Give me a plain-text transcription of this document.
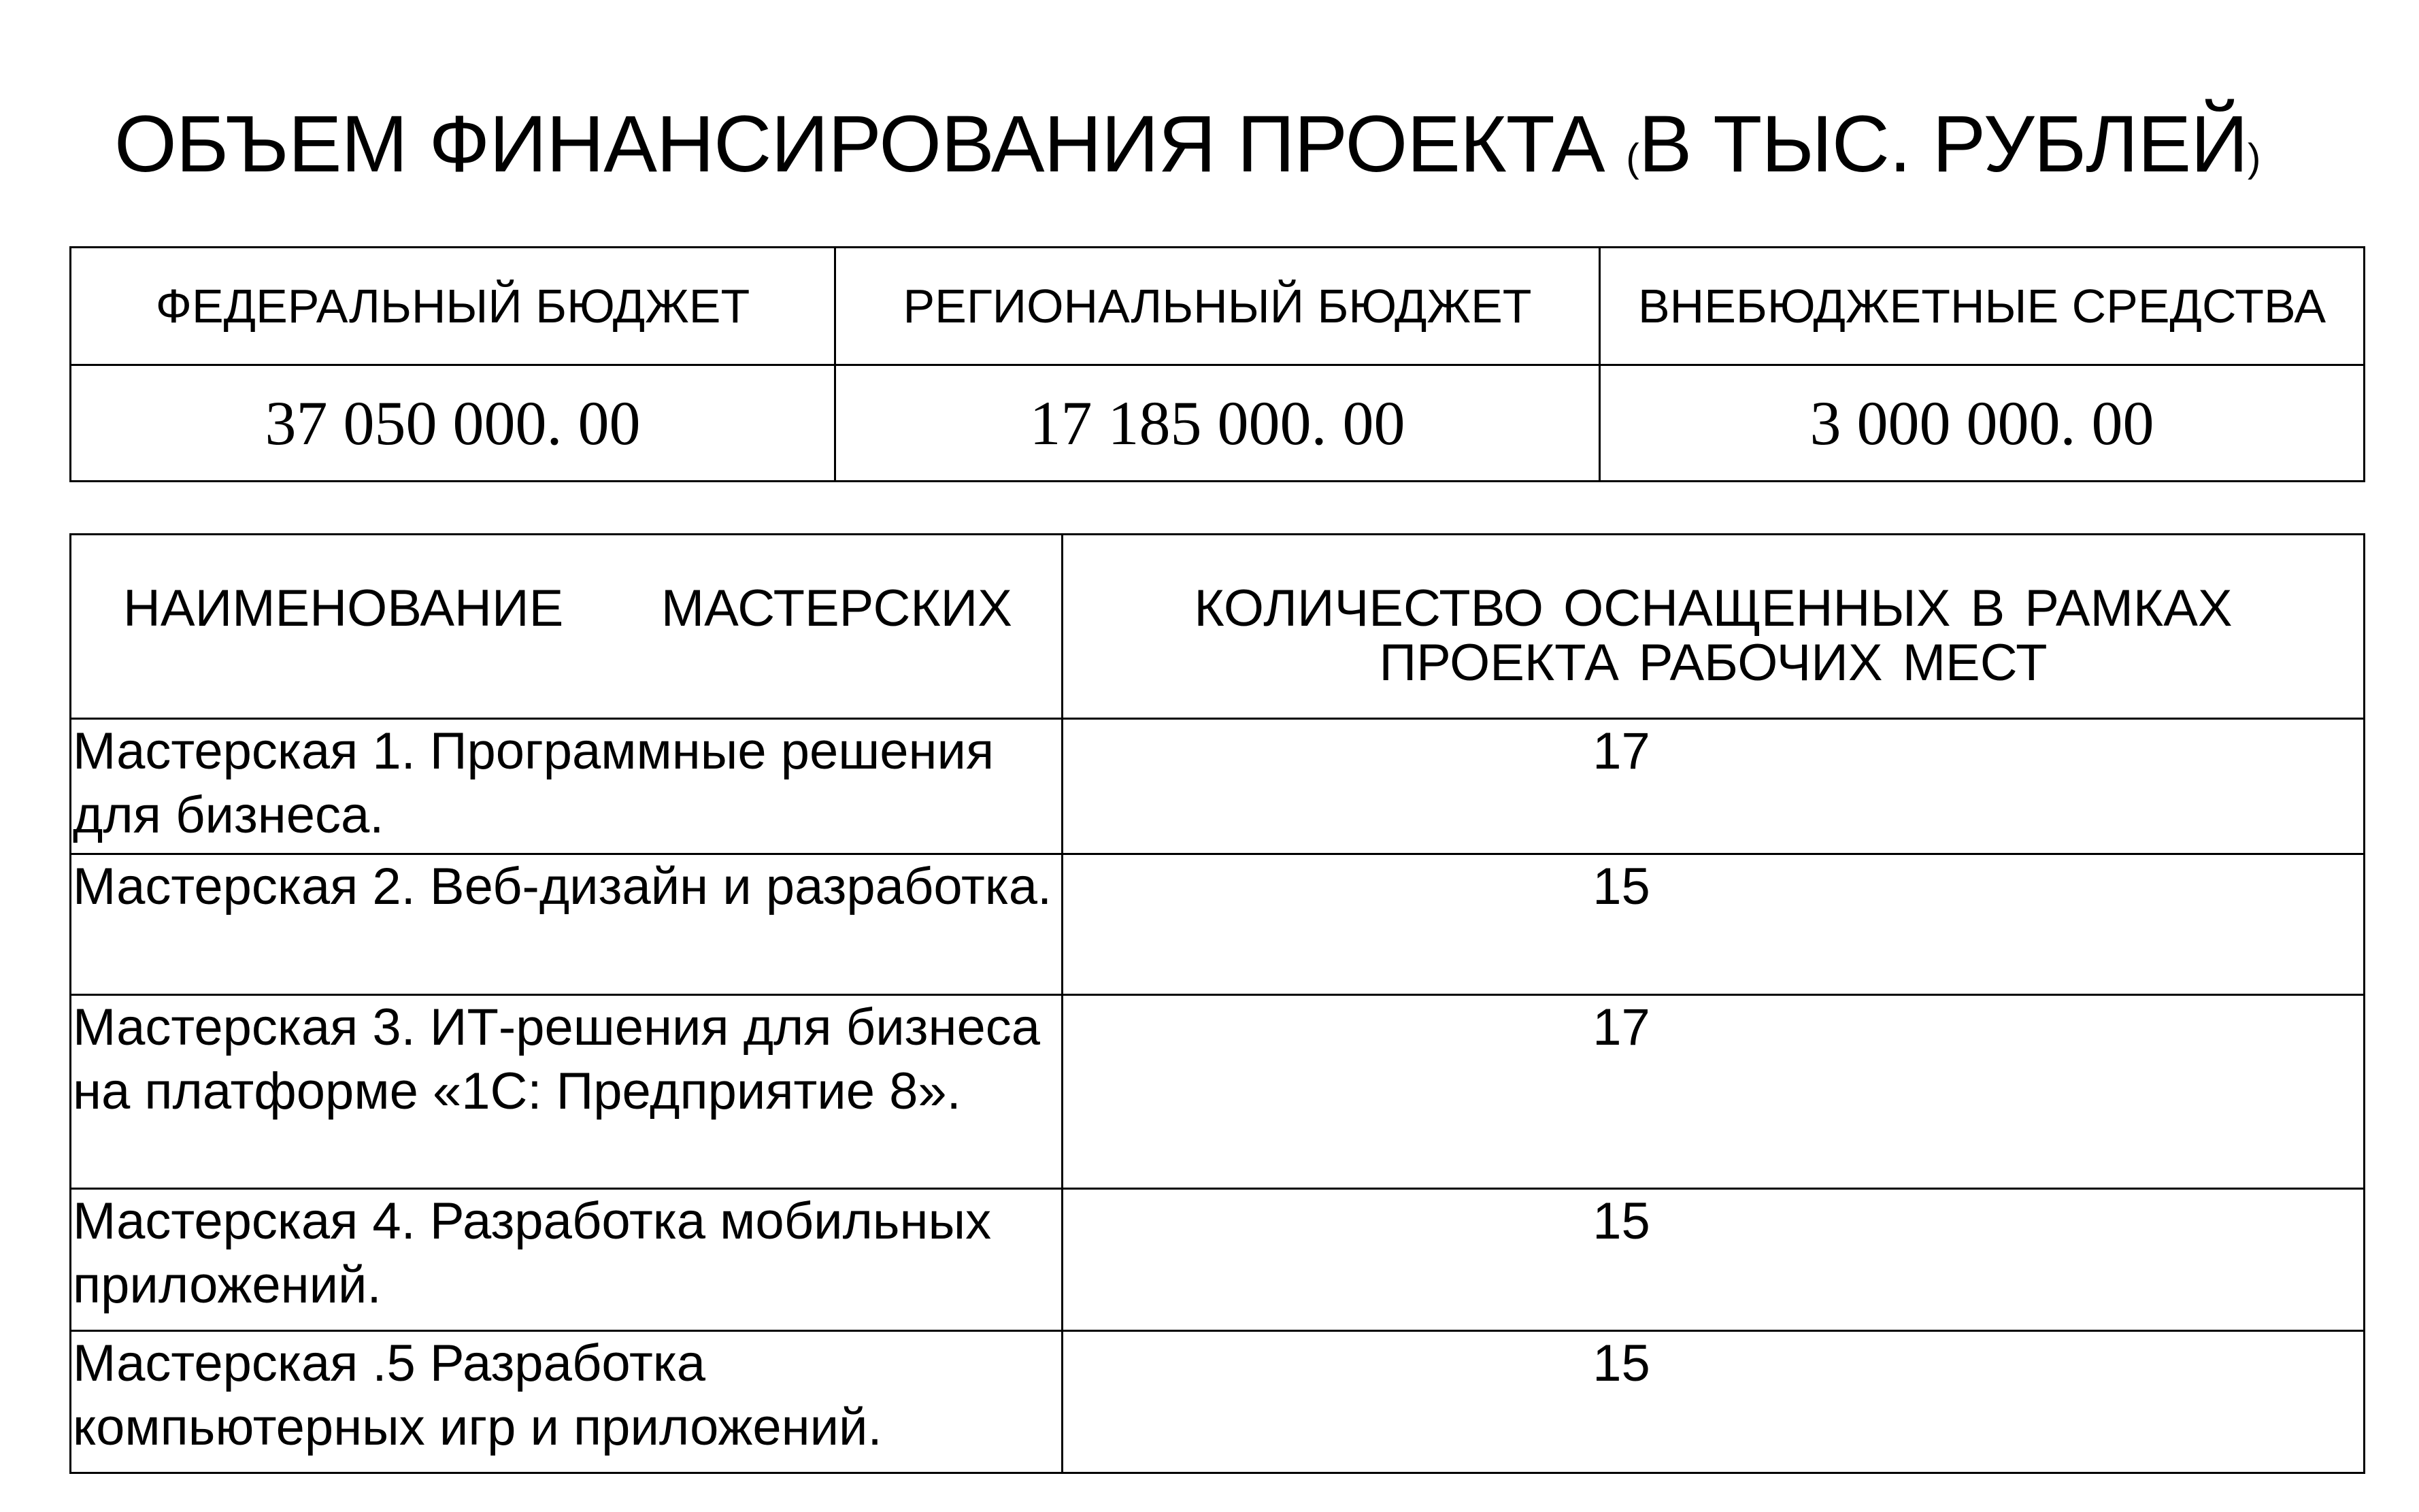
ОБЪЕМ ФИНАНСИРОВАНИЯ ПРОЕКТА (В ТЫС. РУБЛЕЙ)
ФЕДЕРАЛЬНЫЙ БЮДЖЕТ	РЕГИОНАЛЬНЫЙ БЮДЖЕТ	ВНЕБЮДЖЕТНЫЕ СРЕДСТВА
37 050 000. 00	17 185 000. 00	3 000 000. 00
НАИМЕНОВАНИЕ МАСТЕРСКИХ	КОЛИЧЕСТВО ОСНАЩЕННЫХ В РАМКАХ ПРОЕКТА РАБОЧИХ МЕСТ

Мастерская 1. Программные решения для бизнеса.	17
Мастерская 2. Веб-дизайн и разработка.	15
Мастерская 3. ИТ-решения для бизнеса на платформе «1С: Предприятие 8».	17
Мастерская 4. Разработка мобильных приложений.	15
Мастерская .5 Разработка компьютерных игр и приложений.	15
